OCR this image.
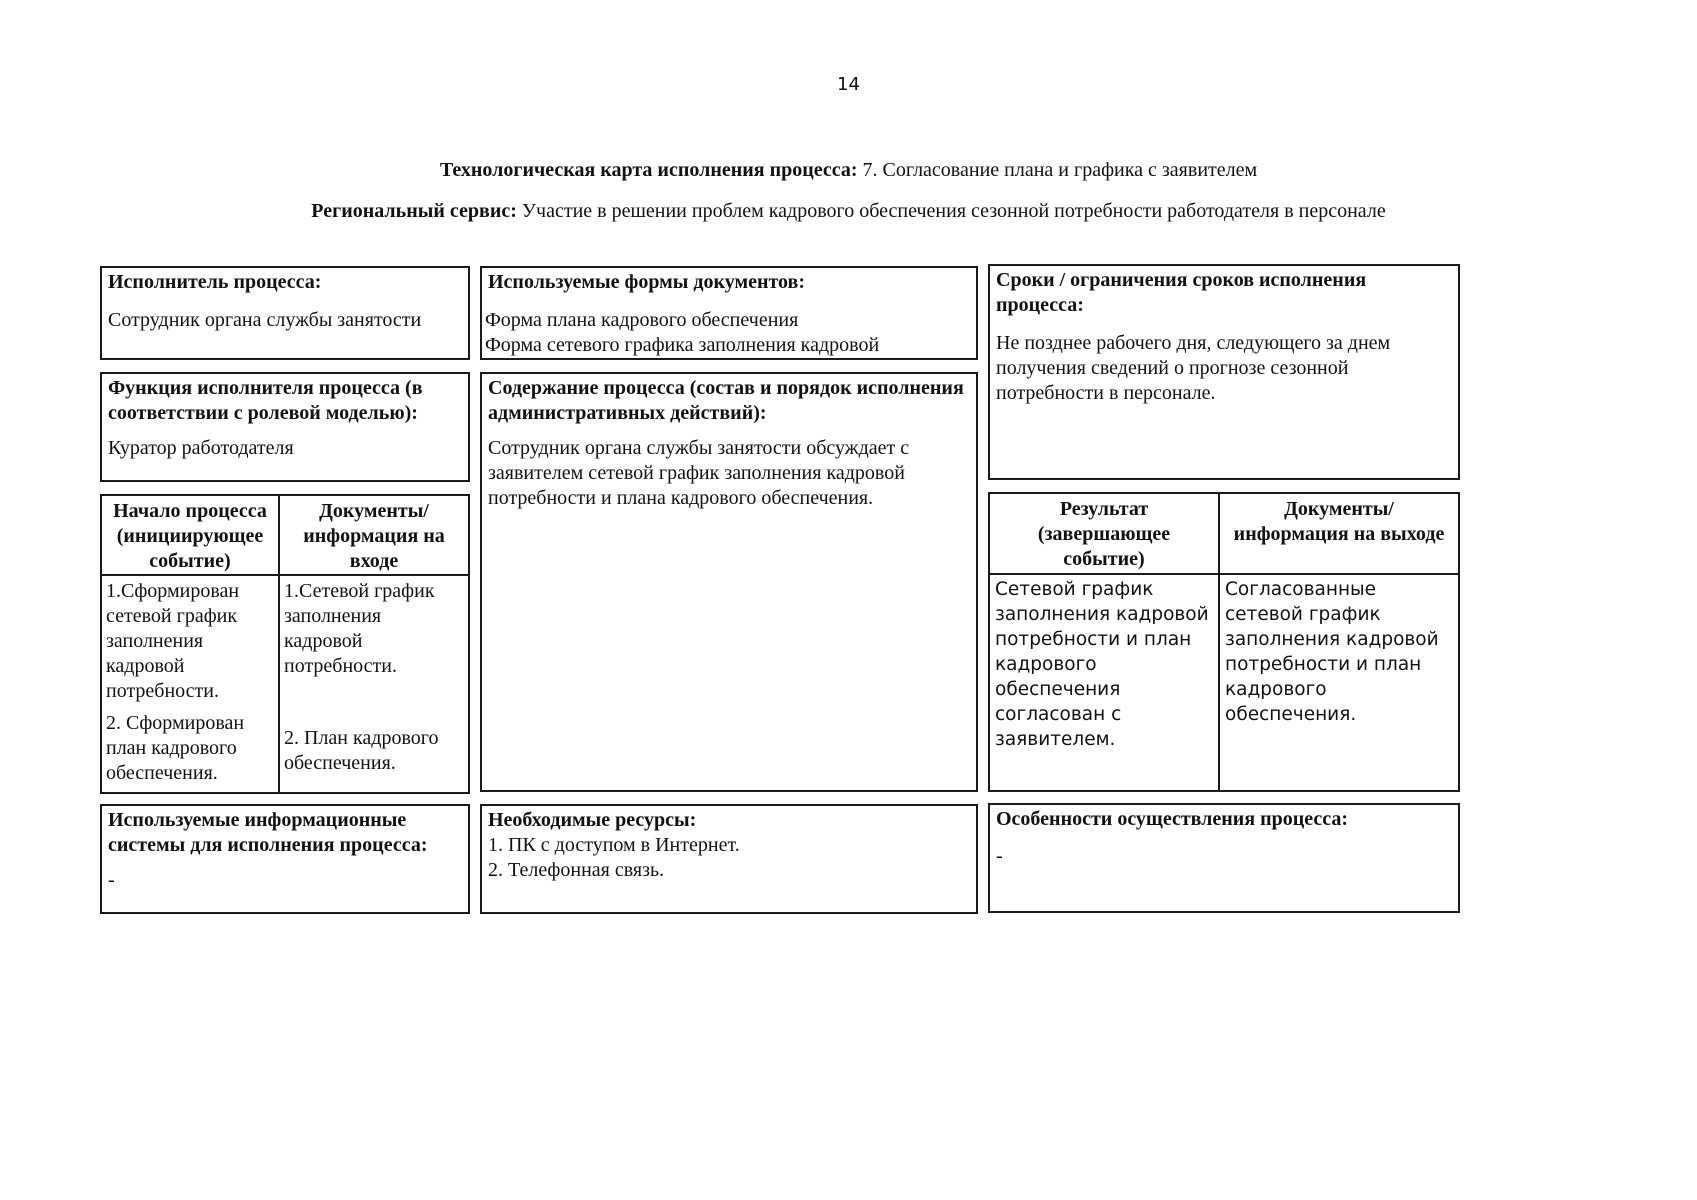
14
Технологическая карта исполнения процесса: 7. Согласование плана и графика с заявителем
Региональный сервис: Участие в решении проблем кадрового обеспечения сезонной потребности работодателя в персонале
Исполнитель процесса:
Сотрудник органа службы занятости
Используемые формы документов:
Форма плана кадрового обеспечения
Форма сетевого графика заполнения кадровой
Сроки / ограничения сроков исполнения процесса:
Не позднее рабочего дня, следующего за днем получения сведений о прогнозе сезонной потребности в персонале.
Функция исполнителя процесса (в соответствии с ролевой моделью):
Куратор работодателя
Содержание процесса (состав и порядок исполнения административных действий):
Сотрудник органа службы занятости обсуждает с заявителем сетевой график заполнения кадровой потребности и плана кадрового обеспечения.
Начало процесса (инициирующее событие)
Документы/ информация на входе
1.Сформирован сетевой график заполнения кадровой потребности.
2. Сформирован план кадрового обеспечения.
1.Сетевой график заполнения кадровой потребности.
2. План кадрового обеспечения.
Результат (завершающее событие)
Документы/ информация на выходе
Сетевой график заполнения кадровой потребности и план кадрового обеспечения согласован с заявителем.
Согласованные сетевой график заполнения кадровой потребности и план кадрового обеспечения.
Используемые информационные системы для исполнения процесса:
-
Необходимые ресурсы:
1. ПК с доступом в Интернет.
2. Телефонная связь.
Особенности осуществления процесса:
-
